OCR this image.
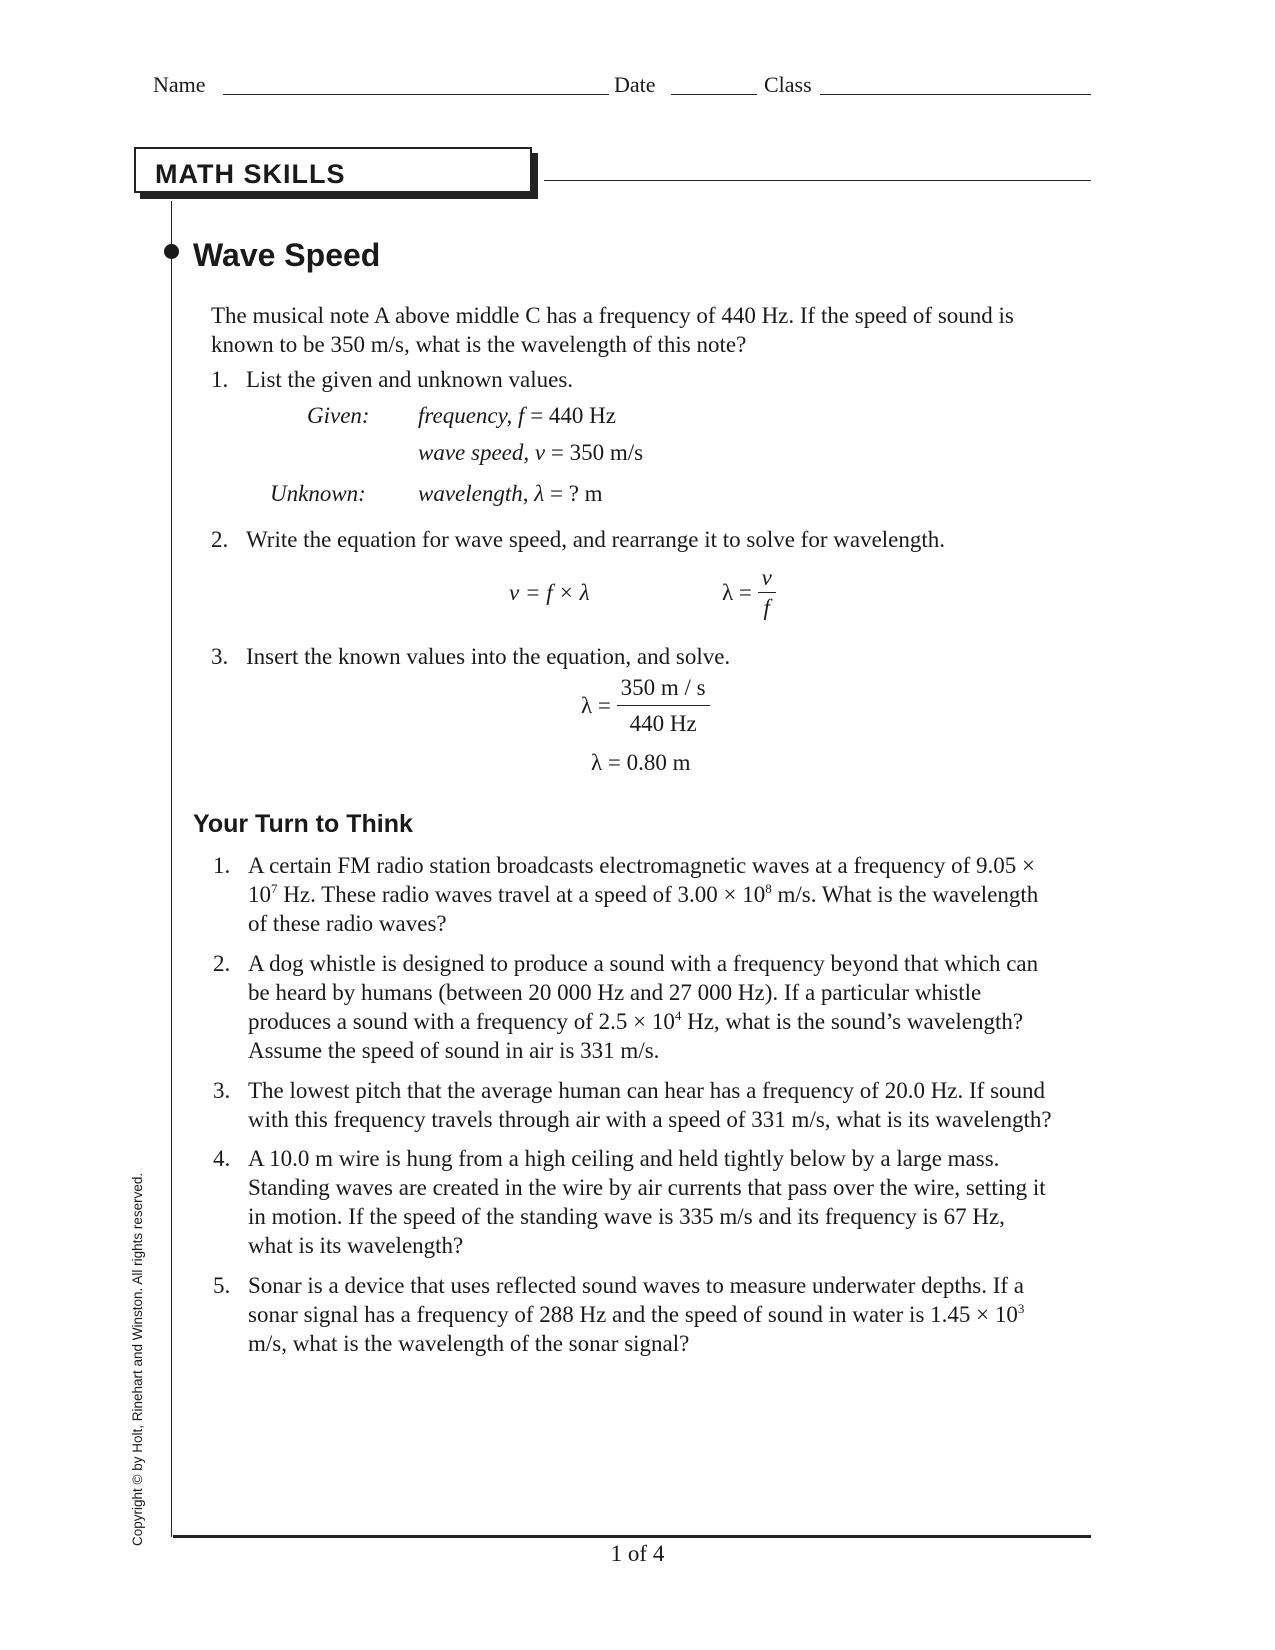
Name	Date	Class
MATH SKILLS
Wave Speed
The musical note A above middle C has a frequency of 440 Hz. If the speed of sound is
known to be 350 m/s, what is the wavelength of this note?
1. List the given and unknown values.
Given: frequency, f = 440 Hz
wave speed, v = 350 m/s
Unknown: wavelength, λ = ? m
2. Write the equation for wave speed, and rearrange it to solve for wavelength.
v = f × λ	$\lambda = \frac{v}{f}$
3. Insert the known values into the equation, and solve.
$\lambda = \frac{350 m / s}{440 Hz}$
λ = 0.80 m
Your Turn to Think
1. A certain FM radio station broadcasts electromagnetic waves at a frequency of 9.05 ×
$10^7$ Hz. These radio waves travel at a speed of $3.00 \times 10^8$ m/s. What is the wavelength
of these radio waves?
2. A dog whistle is designed to produce a sound with a frequency beyond that which can
be heard by humans (between 20 000 Hz and 27 000 Hz). If a particular whistle
produces a sound with a frequency of $2.5 \times 10^4$ Hz, what is the sound’s wavelength?
Assume the speed of sound in air is 331 m/s.
3. The lowest pitch that the average human can hear has a frequency of 20.0 Hz. If sound
with this frequency travels through air with a speed of 331 m/s, what is its wavelength?
4. A 10.0 m wire is hung from a high ceiling and held tightly below by a large mass.
Standing waves are created in the wire by air currents that pass over the wire, setting it
in motion. If the speed of the standing wave is 335 m/s and its frequency is 67 Hz,
what is its wavelength?
5. Sonar is a device that uses reflected sound waves to measure underwater depths. If a
sonar signal has a frequency of 288 Hz and the speed of sound in water is $1.45 \times 10^3$
m/s, what is the wavelength of the sonar signal?
Copyright © by Holt, Rinehart and Winston. All rights reserved.
1 of 4
